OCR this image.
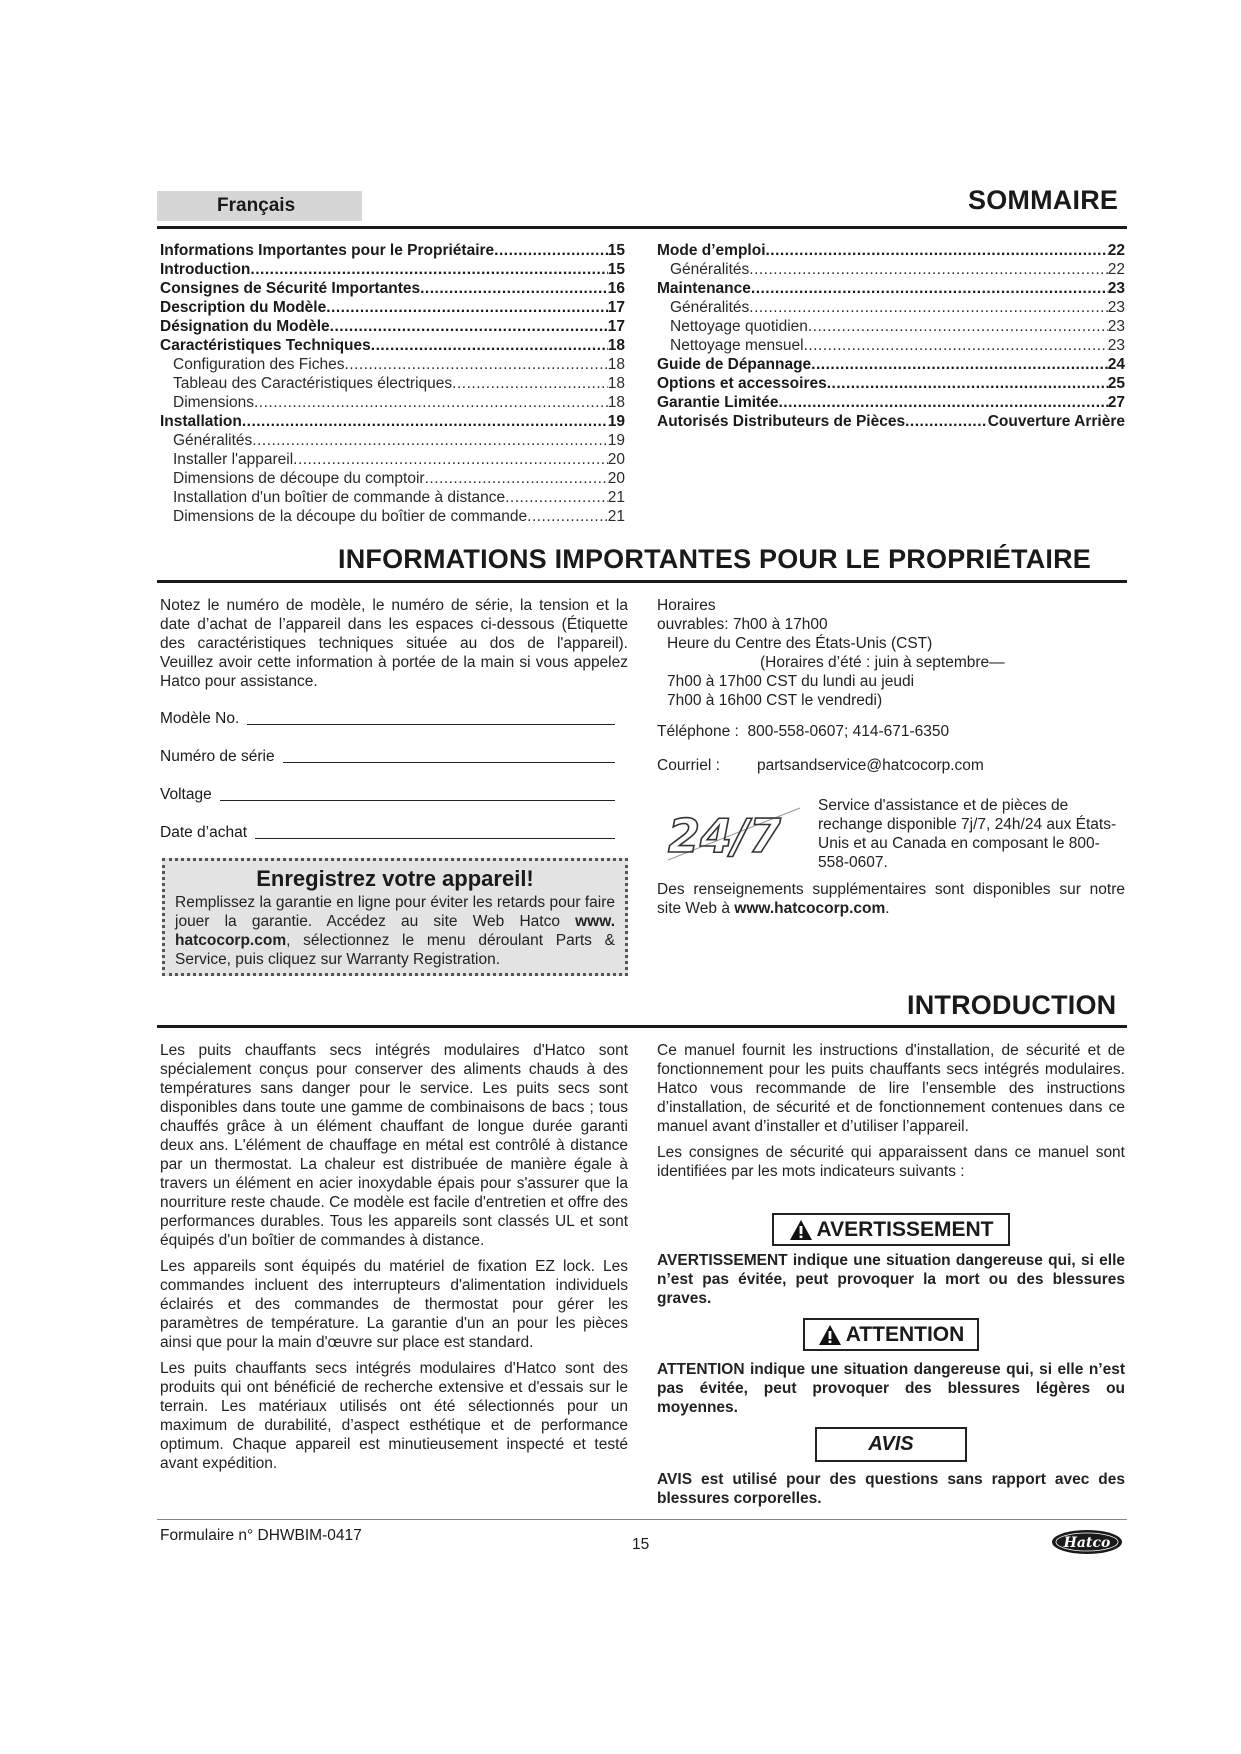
Français	SOMMAIRE
Informations Importantes pour le Propriétaire .....	15
Introduction .....	15
Consignes de Sécurité Importantes .....	16
Description du Modèle .....	17
Désignation du Modèle .....	17
Caractéristiques Techniques .....	18
Configuration des Fiches .....	18
Tableau des Caractéristiques électriques .....	18
Dimensions .....	18
Installation .....	19
Généralités .....	19
Installer l'appareil .....	20
Dimensions de découpe du comptoir .....	20
Installation d'un boîtier de commande à distance .....	21
Dimensions de la découpe du boîtier de commande .....	21
Mode d’emploi .....	22
Généralités .....	22
Maintenance .....	23
Généralités .....	23
Nettoyage quotidien .....	23
Nettoyage mensuel .....	23
Guide de Dépannage .....	24
Options et accessoires .....	25
Garantie Limitée .....	27
Autorisés Distributeurs de Pièces .....	Couverture Arrière
INFORMATIONS IMPORTANTES POUR LE PROPRIÉTAIRE
Notez le numéro de modèle, le numéro de série, la tension et la date d’achat de l’appareil dans les espaces ci-dessous (Étiquette des caractéristiques techniques située au dos de l'appareil). Veuillez avoir cette information à portée de la main si vous appelez Hatco pour assistance.
Modèle No.
Numéro de série
Voltage
Date d’achat
Enregistrez votre appareil!
Remplissez la garantie en ligne pour éviter les retards pour faire jouer la garantie. Accédez au site Web Hatco www. hatcocorp.com, sélectionnez le menu déroulant Parts & Service, puis cliquez sur Warranty Registration.
Horaires
ouvrables: 7h00 à 17h00
Heure du Centre des États-Unis (CST)
(Horaires d’été : juin à septembre—
7h00 à 17h00 CST du lundi au jeudi
7h00 à 16h00 CST le vendredi)
Téléphone : 800-558-0607; 414-671-6350
Courriel :	partsandservice@hatcocorp.com
24/7
Service d'assistance et de pièces de rechange disponible 7j/7, 24h/24 aux États-Unis et au Canada en composant le 800-558-0607.
Des renseignements supplémentaires sont disponibles sur notre site Web à www.hatcocorp.com.
INTRODUCTION
Les puits chauffants secs intégrés modulaires d'Hatco sont spécialement conçus pour conserver des aliments chauds à des températures sans danger pour le service. Les puits secs sont disponibles dans toute une gamme de combinaisons de bacs ; tous chauffés grâce à un élément chauffant de longue durée garanti deux ans. L'élément de chauffage en métal est contrôlé à distance par un thermostat. La chaleur est distribuée de manière égale à travers un élément en acier inoxydable épais pour s'assurer que la nourriture reste chaude. Ce modèle est facile d'entretien et offre des performances durables. Tous les appareils sont classés UL et sont équipés d'un boîtier de commandes à distance.
Les appareils sont équipés du matériel de fixation EZ lock. Les commandes incluent des interrupteurs d'alimentation individuels éclairés et des commandes de thermostat pour gérer les paramètres de température. La garantie d'un an pour les pièces ainsi que pour la main d'œuvre sur place est standard.
Les puits chauffants secs intégrés modulaires d'Hatco sont des produits qui ont bénéficié de recherche extensive et d'essais sur le terrain. Les matériaux utilisés ont été sélectionnés pour un maximum de durabilité, d’aspect esthétique et de performance optimum. Chaque appareil est minutieusement inspecté et testé avant expédition.
Ce manuel fournit les instructions d'installation, de sécurité et de fonctionnement pour les puits chauffants secs intégrés modulaires. Hatco vous recommande de lire l’ensemble des instructions d’installation, de sécurité et de fonctionnement contenues dans ce manuel avant d’installer et d’utiliser l’appareil.
Les consignes de sécurité qui apparaissent dans ce manuel sont identifiées par les mots indicateurs suivants :
AVERTISSEMENT
AVERTISSEMENT indique une situation dangereuse qui, si elle n’est pas évitée, peut provoquer la mort ou des blessures graves.
ATTENTION
ATTENTION indique une situation dangereuse qui, si elle n’est pas évitée, peut provoquer des blessures légères ou moyennes.
AVIS
AVIS est utilisé pour des questions sans rapport avec des blessures corporelles.
Formulaire n° DHWBIM-0417
15	Hatco
